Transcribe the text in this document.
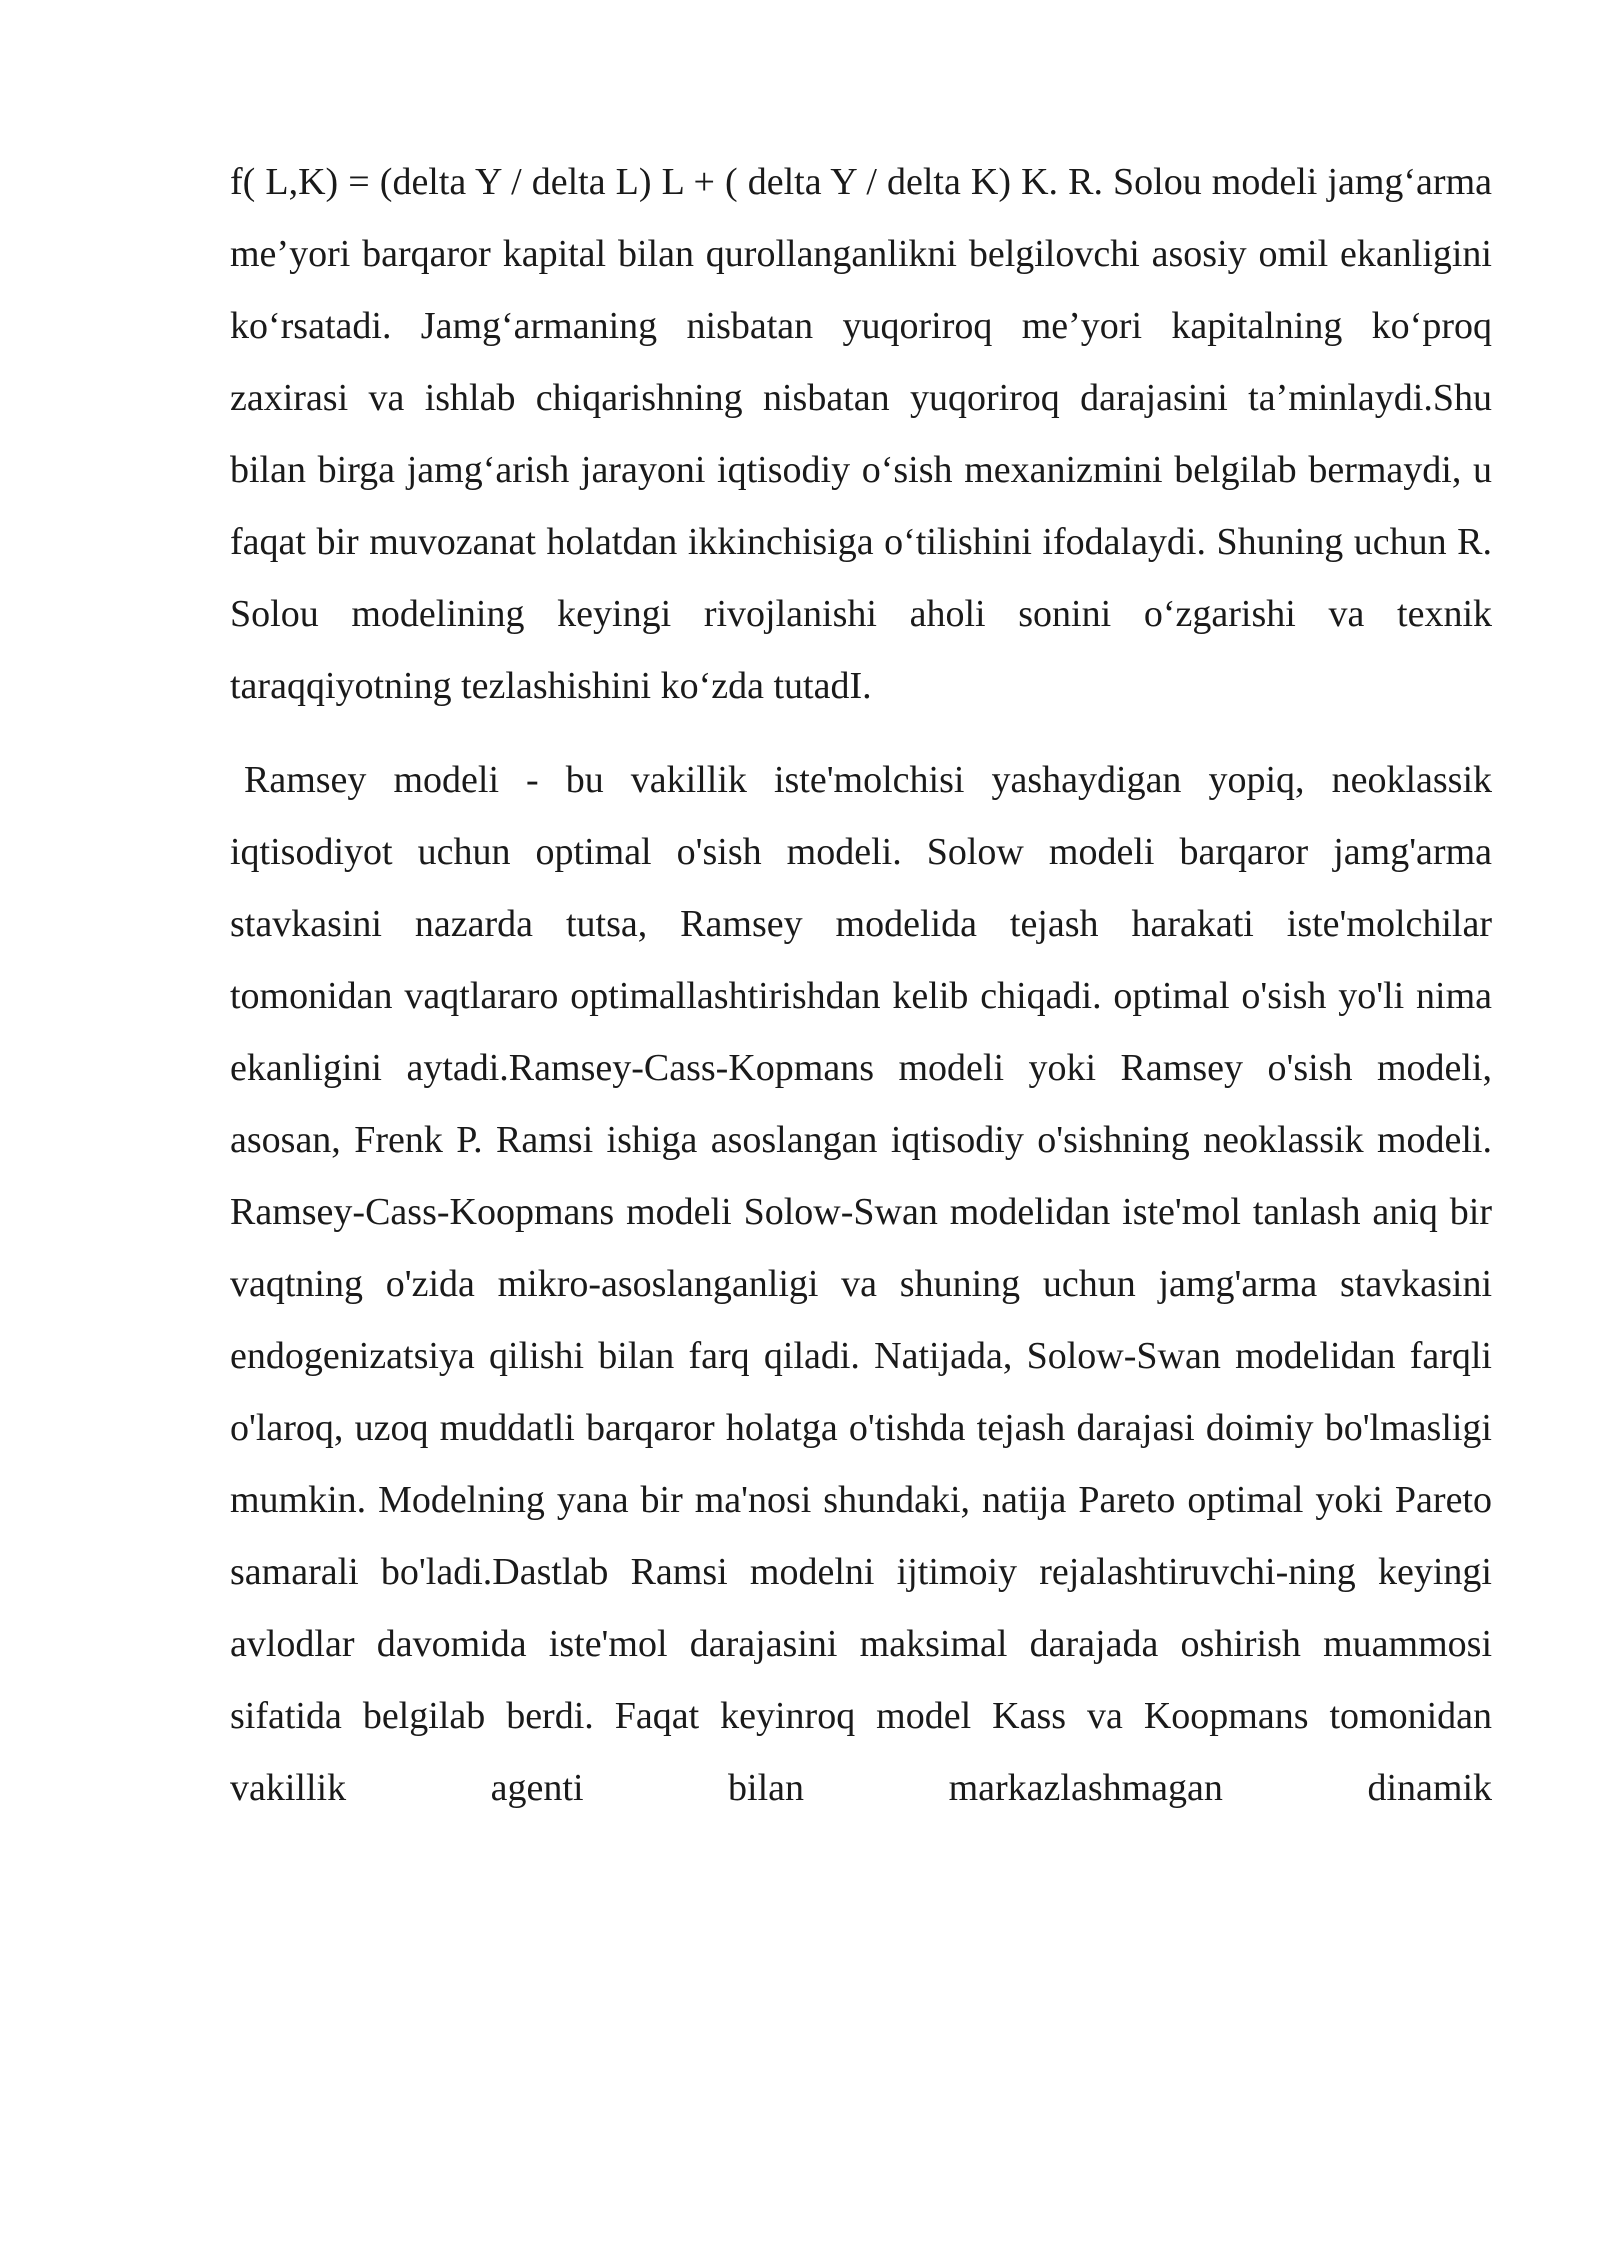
f( L,K) = (delta Y / delta L) L + ( delta Y / delta K) K. R. Solou modeli jamg‘arma me’yori barqaror kapital bilan qurollanganlikni belgilovchi asosiy omil ekanligini ko‘rsatadi. Jamg‘armaning nisbatan yuqoriroq me’yori kapitalning ko‘proq zaxirasi va ishlab chiqarishning nisbatan yuqoriroq darajasini ta’minlaydi.Shu bilan birga jamg‘arish jarayoni iqtisodiy o‘sish mexanizmini belgilab bermaydi, u faqat bir muvozanat holatdan ikkinchisiga o‘tilishini ifodalaydi. Shuning uchun R. Solou modelining keyingi rivojlanishi aholi sonini o‘zgarishi va texnik taraqqiyotning tezlashishini ko‘zda tutadI.

Ramsey modeli - bu vakillik iste'molchisi yashaydigan yopiq, neoklassik iqtisodiyot uchun optimal o'sish modeli. Solow modeli barqaror jamg'arma stavkasini nazarda tutsa, Ramsey modelida tejash harakati iste'molchilar tomonidan vaqtlararo optimallashtirishdan kelib chiqadi. optimal o'sish yo'li nima ekanligini aytadi.Ramsey-Cass-Kopmans modeli yoki Ramsey o'sish modeli, asosan, Frenk P. Ramsi ishiga asoslangan iqtisodiy o'sishning neoklassik modeli. Ramsey-Cass-Koopmans modeli Solow-Swan modelidan iste'mol tanlash aniq bir vaqtning o'zida mikro-asoslanganligi va shuning uchun jamg'arma stavkasini endogenizatsiya qilishi bilan farq qiladi. Natijada, Solow-Swan modelidan farqli o'laroq, uzoq muddatli barqaror holatga o'tishda tejash darajasi doimiy bo'lmasligi mumkin. Modelning yana bir ma'nosi shundaki, natija Pareto optimal yoki Pareto samarali bo'ladi.Dastlab Ramsi modelni ijtimoiy rejalashtiruvchi-ning keyingi avlodlar davomida iste'mol darajasini maksimal darajada oshirish muammosi sifatida belgilab berdi. Faqat keyinroq model Kass va Koopmans tomonidan vakillik agenti bilan markazlashmagan dinamik
